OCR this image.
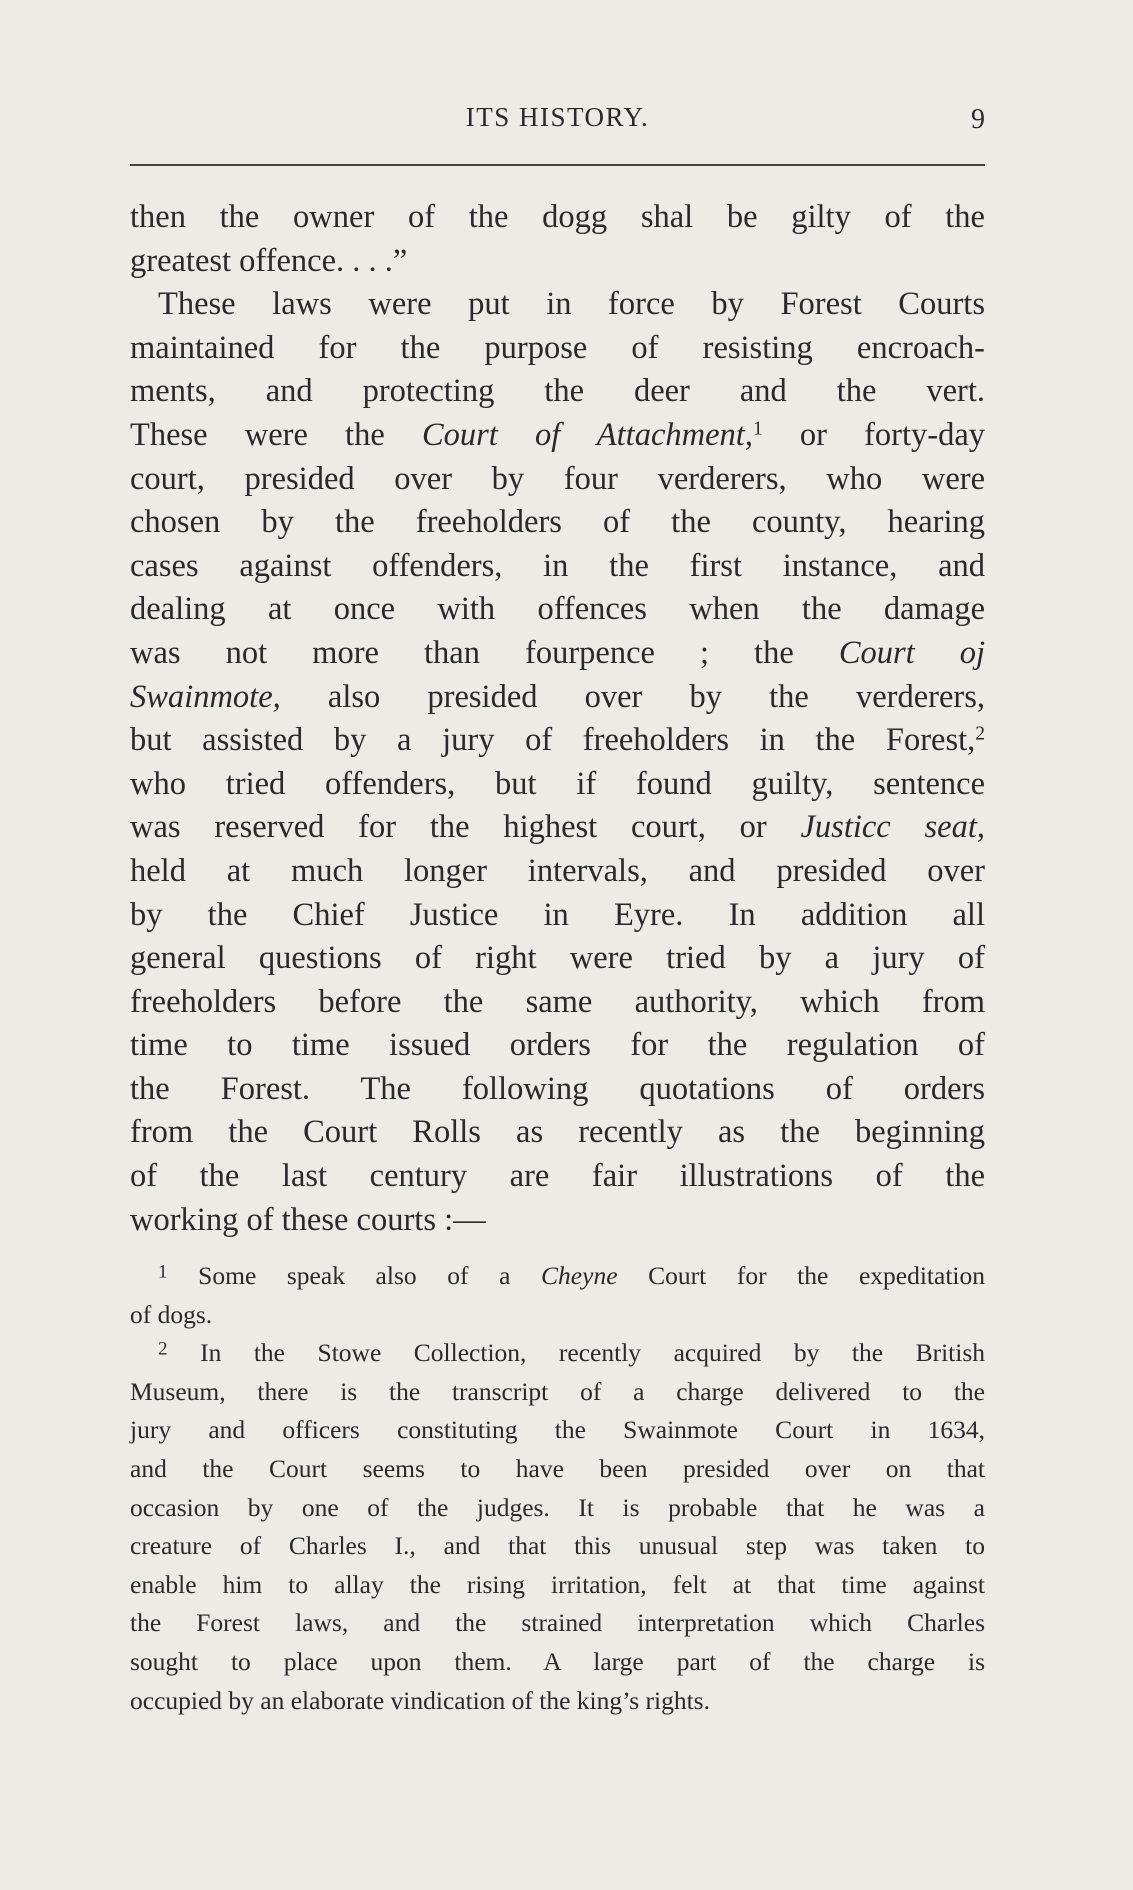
ITS HISTORY.	9
then the owner of the dogg shal be gilty of the
greatest offence. . . .”
These laws were put in force by Forest Courts
maintained for the purpose of resisting encroach-
ments, and protecting the deer and the vert.
These were the Court of Attachment,$^1$ or forty-day
court, presided over by four verderers, who were
chosen by the freeholders of the county, hearing
cases against offenders, in the first instance, and
dealing at once with offences when the damage
was not more than fourpence ; the Court oj
Swainmote, also presided over by the verderers,
but assisted by a jury of freeholders in the Forest,$^2$
who tried offenders, but if found guilty, sentence
was reserved for the highest court, or Justicc seat,
held at much longer intervals, and presided over
by the Chief Justice in Eyre. In addition all
general questions of right were tried by a jury of
freeholders before the same authority, which from
time to time issued orders for the regulation of
the Forest. The following quotations of orders
from the Court Rolls as recently as the beginning
of the last century are fair illustrations of the
working of these courts :—
$^1$ Some speak also of a Cheyne Court for the expeditation
of dogs.
$^2$ In the Stowe Collection, recently acquired by the British
Museum, there is the transcript of a charge delivered to the
jury and officers constituting the Swainmote Court in 1634,
and the Court seems to have been presided over on that
occasion by one of the judges. It is probable that he was a
creature of Charles I., and that this unusual step was taken to
enable him to allay the rising irritation, felt at that time against
the Forest laws, and the strained interpretation which Charles
sought to place upon them. A large part of the charge is
occupied by an elaborate vindication of the king’s rights.
